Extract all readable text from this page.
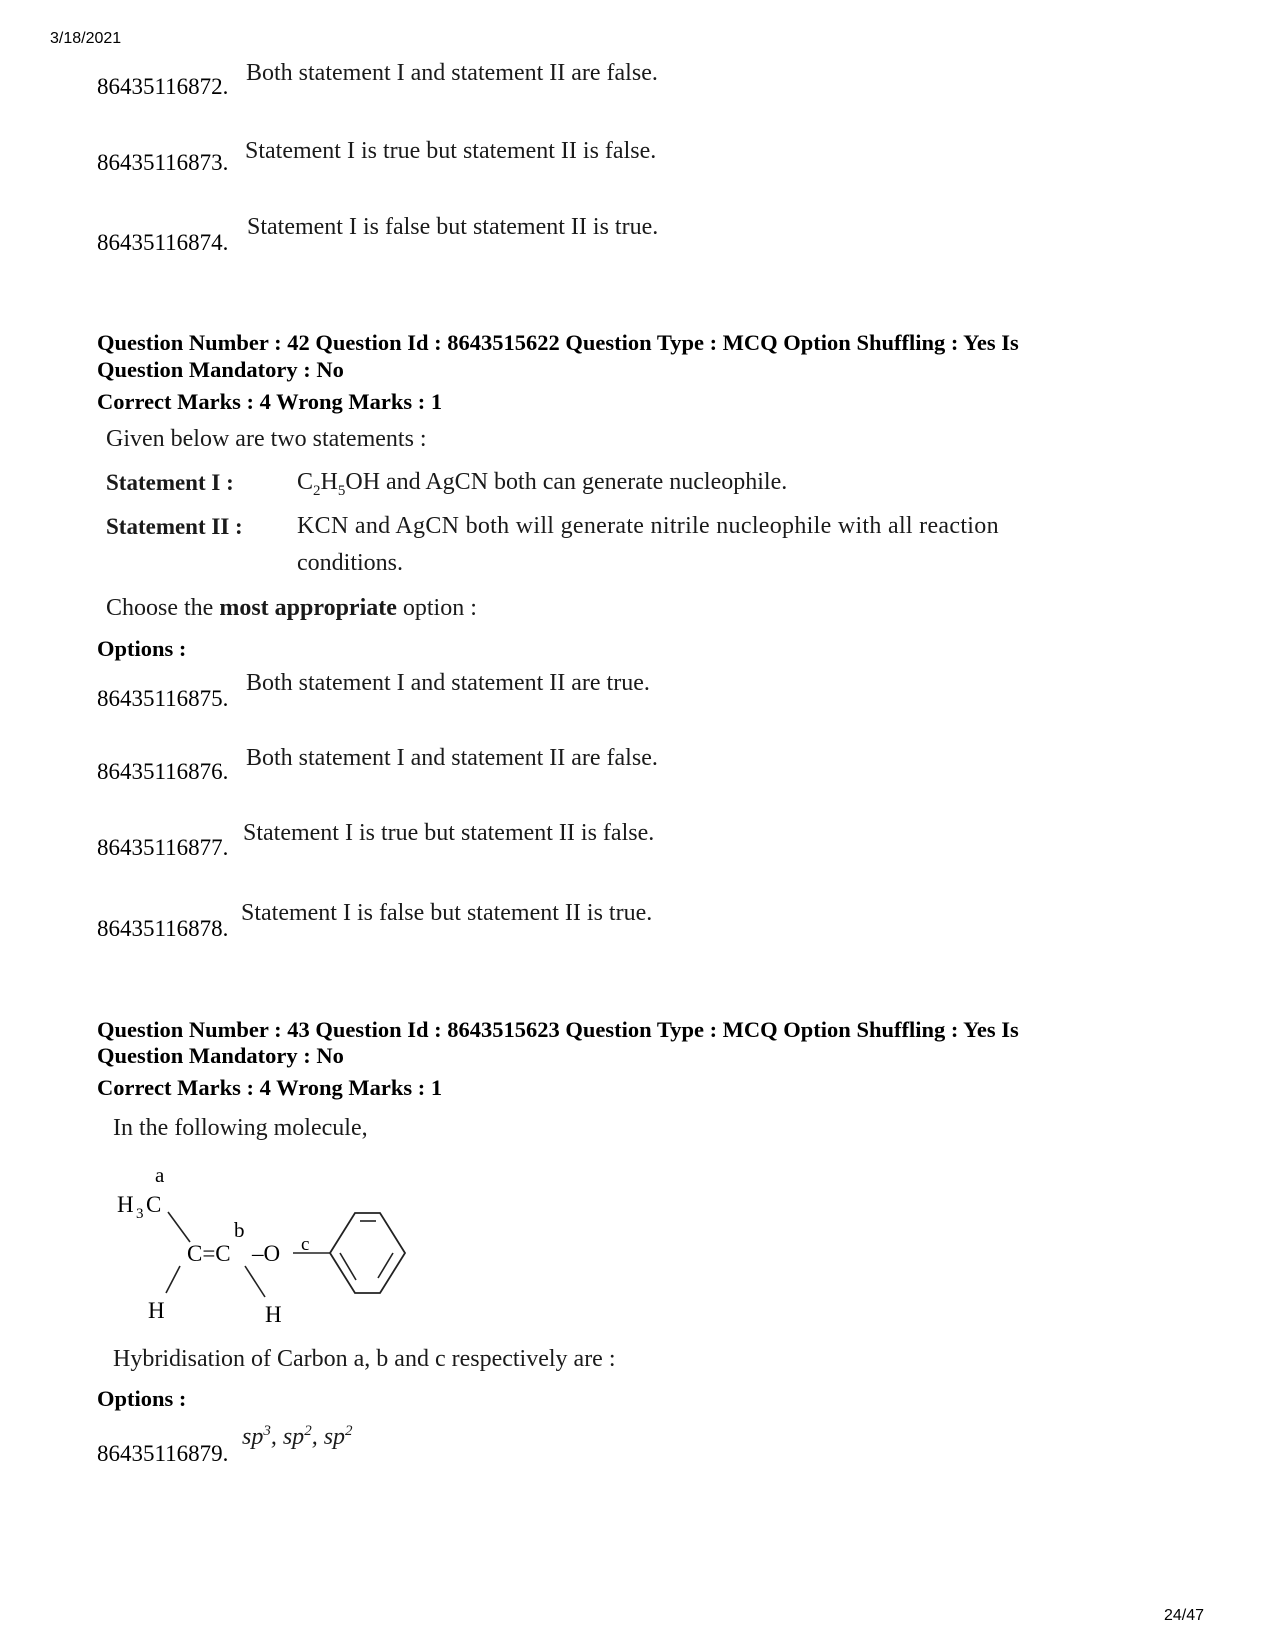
3/18/2021
24/47
86435116872.
Both statement I and statement II are false.
86435116873. Statement I is true but statement II is false.
86435116874.
Statement I is false but statement II is true.
Question Number : 42 Question Id : 8643515622 Question Type : MCQ Option Shuffling : Yes Is
Question Mandatory : No
Correct Marks : 4 Wrong Marks : 1
Given below are two statements :
Statement I :	$C_2H_5OH$ and AgCN both can generate nucleophile.
Statement II : KCN and AgCN both will generate nitrile nucleophile with all reaction
conditions.
Choose the most appropriate option :
Options :
86435116875.
Both statement I and statement II are true.
86435116876.
Both statement I and statement II are false.
86435116877.
Statement I is true but statement II is false.
86435116878.
Statement I is false but statement II is true.
Question Number : 43 Question Id : 8643515623 Question Type : MCQ Option Shuffling : Yes Is
Question Mandatory : No
Correct Marks : 4 Wrong Marks : 1
In the following molecule,
a
H 3 C
b
C=C –O c
H	H
Hybridisation of Carbon a, b and c respectively are :
Options :
86435116879.
$sp^3$, $sp^2$, $sp^2$
